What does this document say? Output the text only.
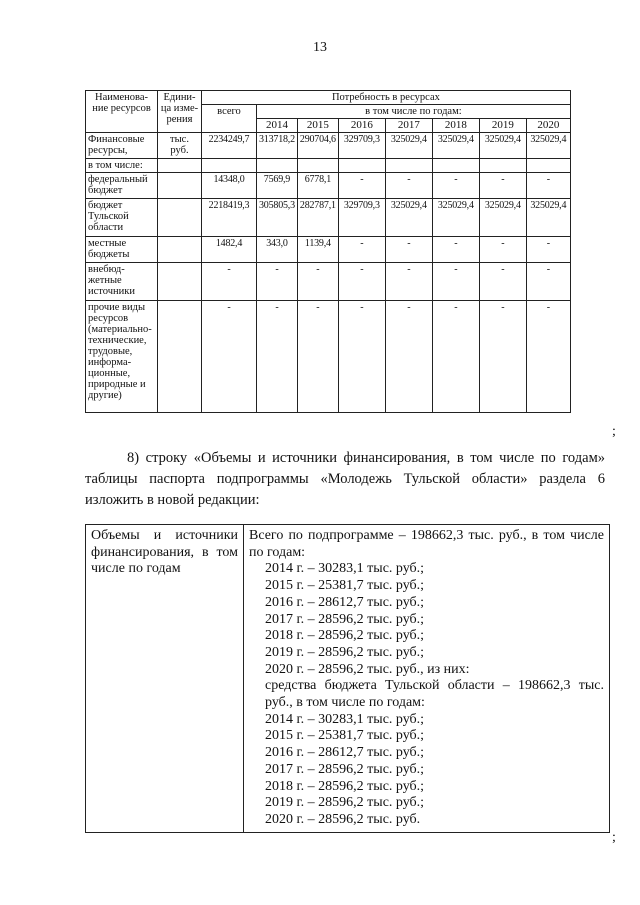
13
Наименова-ние ресурсов	Едини-ца изме-рения	Потребность в ресурсах							
		всего	в том числе по годам:						
			2014	2015	2016	2017	2018	2019	2020
Финансовые ресурсы,	тыс. руб.	2234249,7	313718,2	290704,6	329709,3	325029,4	325029,4	325029,4	325029,4
в том числе:									
федеральный бюджет		14348,0	7569,9	6778,1	-	-	-	-	-
бюджет Тульской области		2218419,3	305805,3	282787,1	329709,3	325029,4	325029,4	325029,4	325029,4
местные бюджеты		1482,4	343,0	1139,4	-	-	-	-	-
внебюд-жетные источники		-	-	-	-	-	-	-	-
прочие виды ресурсов (материально-технические, трудовые, информа-ционные, природные и другие)		-	-	-	-	-	-	-	-
;

8) строку «Объемы и источники финансирования, в том числе по годам» таблицы паспорта подпрограммы «Молодежь Тульской области» раздела 6 изложить в новой редакции:

Объемы и источники финансирования, в том числе по годам	
Всего по подпрограмме – 198662,3 тыс. руб., в том числе по годам:
2014 г. – 30283,1 тыс. руб.;
2015 г. – 25381,7 тыс. руб.;
2016 г. – 28612,7 тыс. руб.;
2017 г. – 28596,2 тыс. руб.;
2018 г. – 28596,2 тыс. руб.;
2019 г. – 28596,2 тыс. руб.;
2020 г. – 28596,2 тыс. руб., из них:
средства бюджета Тульской области – 198662,3 тыс. руб., в том числе по годам:
2014 г. – 30283,1 тыс. руб.;
2015 г. – 25381,7 тыс. руб.;
2016 г. – 28612,7 тыс. руб.;
2017 г. – 28596,2 тыс. руб.;
2018 г. – 28596,2 тыс. руб.;
2019 г. – 28596,2 тыс. руб.;
2020 г. – 28596,2 тыс. руб.
;
